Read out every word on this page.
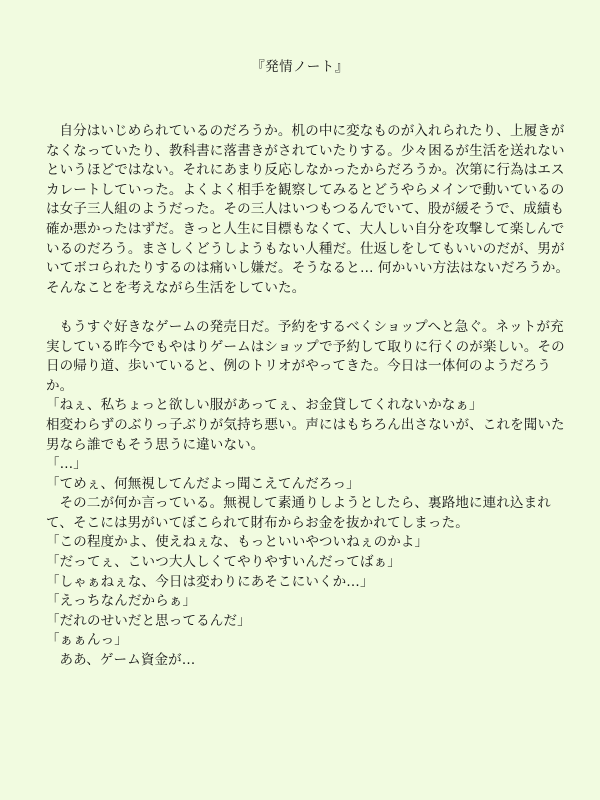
『発情ノート』

自分はいじめられているのだろうか。机の中に変なものが入れられたり、上履きがなくなっていたり、教科書に落書きがされていたりする。少々困るが生活を送れないというほどではない。それにあまり反応しなかったからだろうか。次第に行為はエスカレートしていった。よくよく相手を観察してみるとどうやらメインで動いているのは女子三人組のようだった。その三人はいつもつるんでいて、股が緩そうで、成績も確か悪かったはずだ。きっと人生に目標もなくて、大人しい自分を攻撃して楽しんでいるのだろう。まさしくどうしようもない人種だ。仕返しをしてもいいのだが、男がいてボコられたりするのは痛いし嫌だ。そうなると… 何かいい方法はないだろうか。そんなことを考えながら生活をしていた。

もうすぐ好きなゲームの発売日だ。予約をするべくショップへと急ぐ。ネットが充実している昨今でもやはりゲームはショップで予約して取りに行くのが楽しい。その日の帰り道、歩いていると、例のトリオがやってきた。今日は一体何のようだろうか。

「ねぇ、私ちょっと欲しい服があってぇ、お金貸してくれないかなぁ」

相変わらずのぶりっ子ぶりが気持ち悪い。声にはもちろん出さないが、これを聞いた男なら誰でもそう思うに違いない。

「…」

「てめぇ、何無視してんだよっ聞こえてんだろっ」

その二が何か言っている。無視して素通りしようとしたら、裏路地に連れ込まれて、そこには男がいてぼこられて財布からお金を抜かれてしまった。

「この程度かよ、使えねぇな、もっといいやついねぇのかよ」

「だってぇ、こいつ大人しくてやりやすいんだってばぁ」

「しゃぁねぇな、今日は変わりにあそこにいくか…」

「えっちなんだからぁ」

「だれのせいだと思ってるんだ」

「ぁぁんっ」

ああ、ゲーム資金が…
